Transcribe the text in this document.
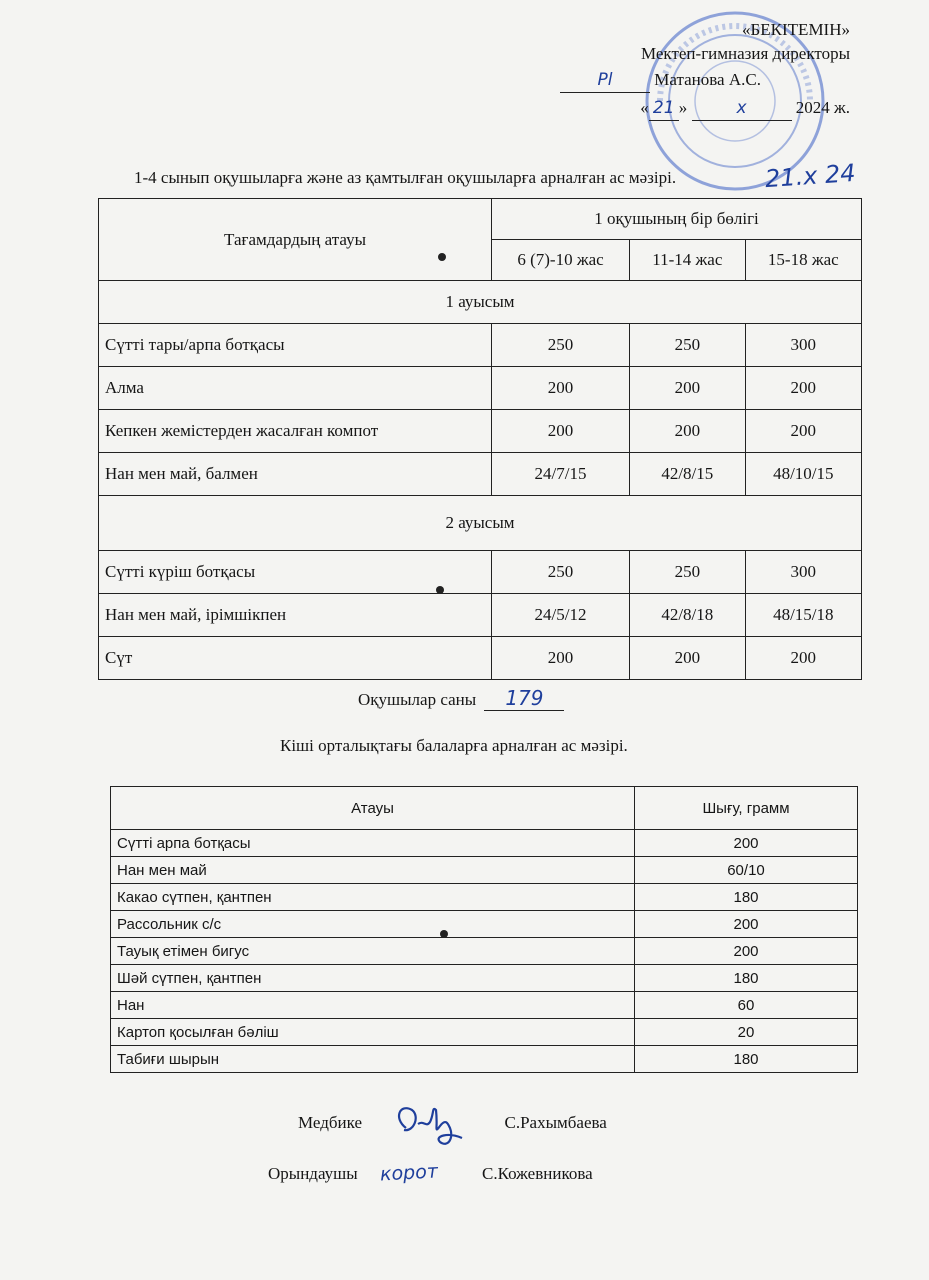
«БЕКІТЕМІН»
Мектеп-гимназия директоры
Pl Матанова А.С.
« 21 »	x	2024 ж.
1-4 сынып оқушыларға және аз қамтылған оқушыларға арналған ас мәзірі.	21.x 24
Тағамдардың атауы	1 оқушының бір бөлігі		
	6 (7)-10 жас	11-14 жас	15-18 жас
1 ауысым			
Сүтті тары/арпа ботқасы	250	250	300
Алма	200	200	200
Кепкен жемістерден жасалған компот	200	200	200
Нан мен май, балмен	24/7/15	42/8/15	48/10/15
2 ауысым			
Сүтті күріш ботқасы	250	250	300
Нан мен май, ірімшікпен	24/5/12	42/8/18	48/15/18
Сүт	200	200	200
Оқушылар саны 179
Кіші орталықтағы балаларға арналған ас мәзірі.
Атауы	Шығу, грамм
Сүтті арпа ботқасы	200
Нан мен май	60/10
Какао сүтпен, қантпен	180
Рассольник с/с	200
Тауық етімен бигус	200
Шәй сүтпен, қантпен	180
Нан	60
Картоп қосылған бәліш	20
Табиғи шырын	180
Медбике	С.Рахымбаева
Орындаушы корот	С.Кожевникова
